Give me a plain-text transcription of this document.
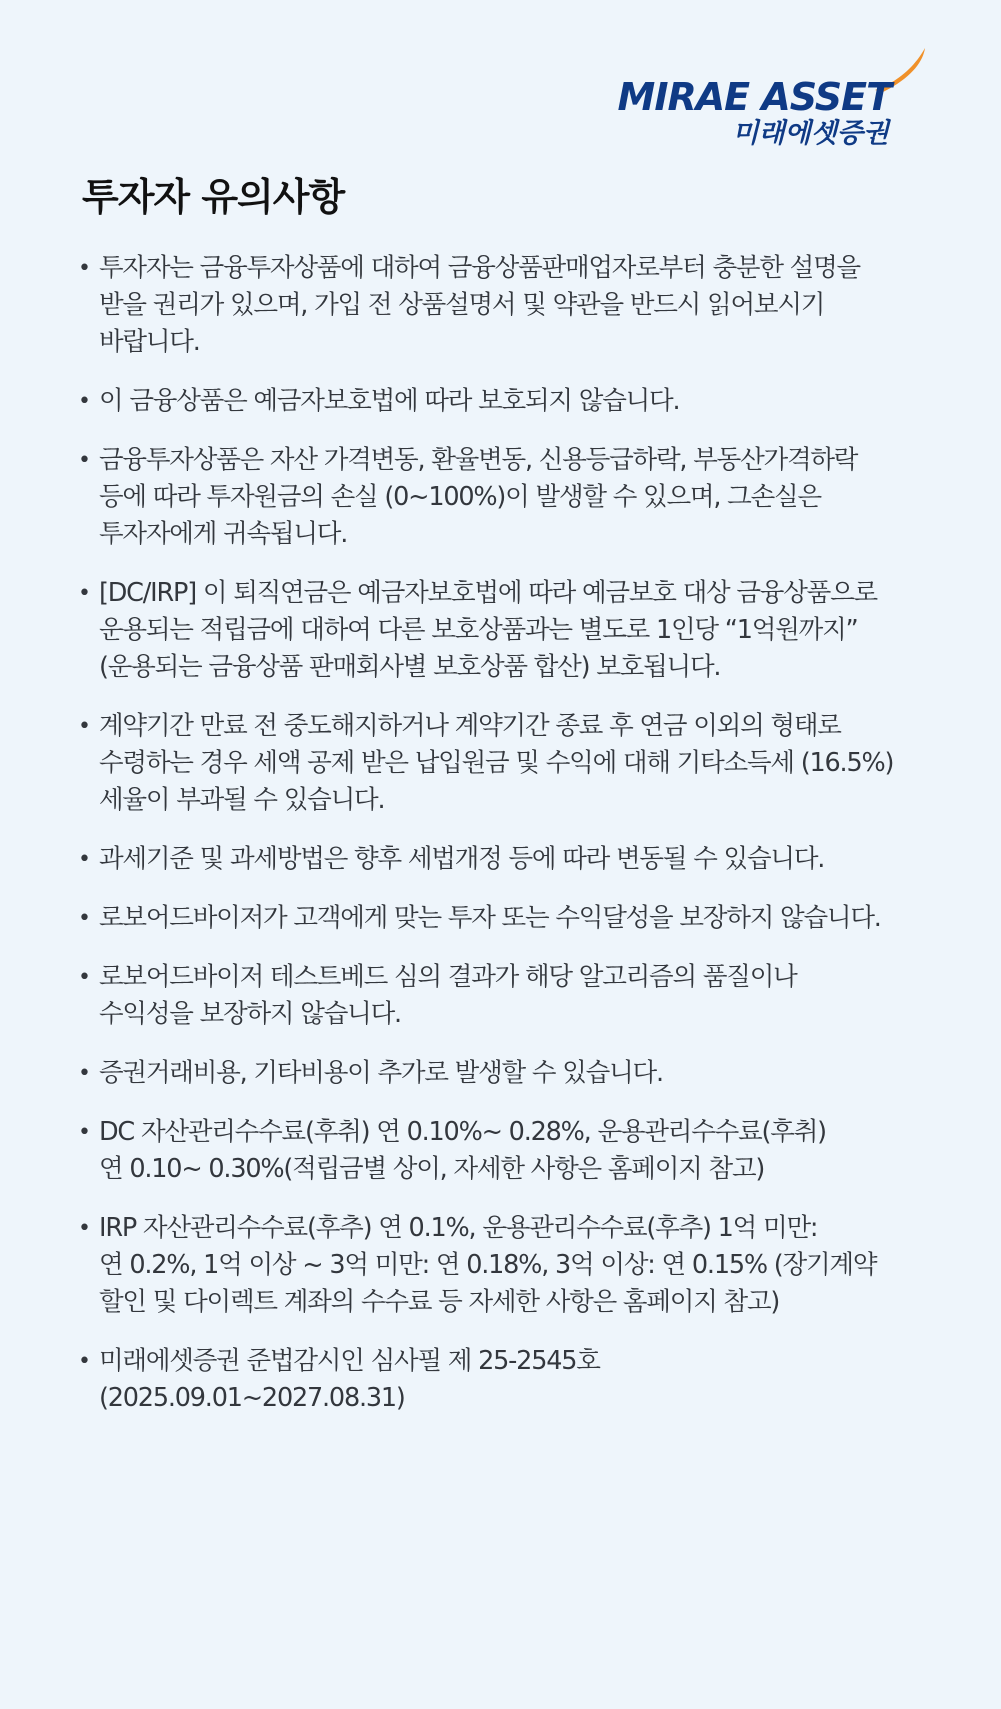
MIRAE ASSET
미래에셋증권
투자자 유의사항
• 투자자는 금융투자상품에 대하여 금융상품판매업자로부터 충분한 설명을
받을 권리가 있으며, 가입 전 상품설명서 및 약관을 반드시 읽어보시기
바랍니다.
• 이 금융상품은 예금자보호법에 따라 보호되지 않습니다.
• 금융투자상품은 자산 가격변동, 환율변동, 신용등급하락, 부동산가격하락
등에 따라 투자원금의 손실 (0~100%)이 발생할 수 있으며, 그손실은
투자자에게 귀속됩니다.
• [DC/IRP] 이 퇴직연금은 예금자보호법에 따라 예금보호 대상 금융상품으로
운용되는 적립금에 대하여 다른 보호상품과는 별도로 1인당 “1억원까지”
(운용되는 금융상품 판매회사별 보호상품 합산) 보호됩니다.
• 계약기간 만료 전 중도해지하거나 계약기간 종료 후 연금 이외의 형태로
수령하는 경우 세액 공제 받은 납입원금 및 수익에 대해 기타소득세 (16.5%)
세율이 부과될 수 있습니다.
• 과세기준 및 과세방법은 향후 세법개정 등에 따라 변동될 수 있습니다.
• 로보어드바이저가 고객에게 맞는 투자 또는 수익달성을 보장하지 않습니다.
• 로보어드바이저 테스트베드 심의 결과가 해당 알고리즘의 품질이나
수익성을 보장하지 않습니다.
• 증권거래비용, 기타비용이 추가로 발생할 수 있습니다.
• DC 자산관리수수료(후취) 연 0.10%~ 0.28%, 운용관리수수료(후취)
연 0.10~ 0.30%(적립금별 상이, 자세한 사항은 홈페이지 참고)
• IRP 자산관리수수료(후추) 연 0.1%, 운용관리수수료(후추) 1억 미만:
연 0.2%, 1억 이상 ~ 3억 미만: 연 0.18%, 3억 이상: 연 0.15% (장기계약
할인 및 다이렉트 계좌의 수수료 등 자세한 사항은 홈페이지 참고)
• 미래에셋증권 준법감시인 심사필 제 25-2545호
(2025.09.01~2027.08.31)
